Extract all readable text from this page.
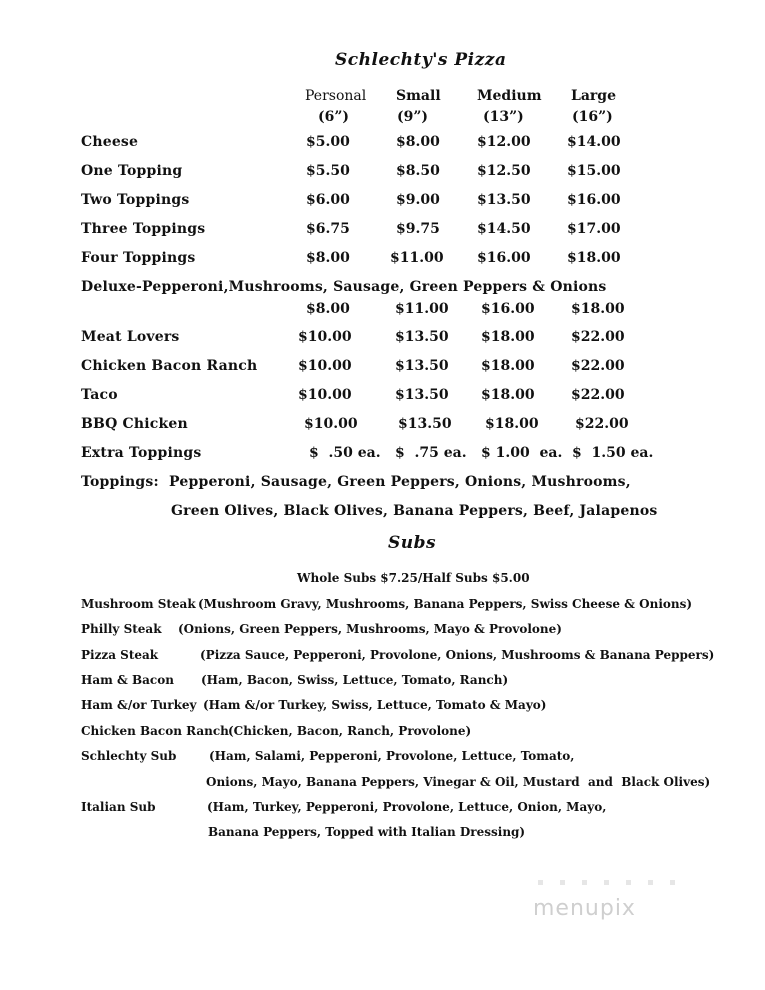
Schlechty's Pizza
Personal Small	Medium Large
(6”)	(9”)	(13”)	(16”)
Cheese	$5.00	$8.00	$12.00	$14.00
One Topping	$5.50	$8.50	$12.50	$15.00
Two Toppings	$6.00	$9.00	$13.50	$16.00
Three Toppings	$6.75	$9.75	$14.50	$17.00
Four Toppings	$8.00	$11.00 $16.00	$18.00
Deluxe-Pepperoni,Mushrooms, Sausage, Green Peppers & Onions
$8.00	$11.00 $16.00	$18.00
Meat Lovers	$10.00	$13.50 $18.00	$22.00
Chicken Bacon Ranch	$10.00	$13.50 $18.00	$22.00
Taco	$10.00	$13.50 $18.00	$22.00
BBQ Chicken	$10.00	$13.50 $18.00	$22.00
Extra Toppings	$  .50 ea. $  .75 ea. $ 1.00  ea. $  1.50 ea.
Toppings:  Pepperoni, Sausage, Green Peppers, Onions, Mushrooms,
Green Olives, Black Olives, Banana Peppers, Beef, Jalapenos
Subs
Whole Subs $7.25/Half Subs $5.00
Mushroom Steak (Mushroom Gravy, Mushrooms, Banana Peppers, Swiss Cheese & Onions)
Philly Steak (Onions, Green Peppers, Mushrooms, Mayo & Provolone)
Pizza Steak	(Pizza Sauce, Pepperoni, Provolone, Onions, Mushrooms & Banana Peppers)
Ham & Bacon (Ham, Bacon, Swiss, Lettuce, Tomato, Ranch)
Ham &/or Turkey (Ham &/or Turkey, Swiss, Lettuce, Tomato & Mayo)
Chicken Bacon Ranch (Chicken, Bacon, Ranch, Provolone)
Schlechty Sub	(Ham, Salami, Pepperoni, Provolone, Lettuce, Tomato,
Onions, Mayo, Banana Peppers, Vinegar & Oil, Mustard  and  Black Olives)
Italian Sub	(Ham, Turkey, Pepperoni, Provolone, Lettuce, Onion, Mayo,
Banana Peppers, Topped with Italian Dressing)
menupix
